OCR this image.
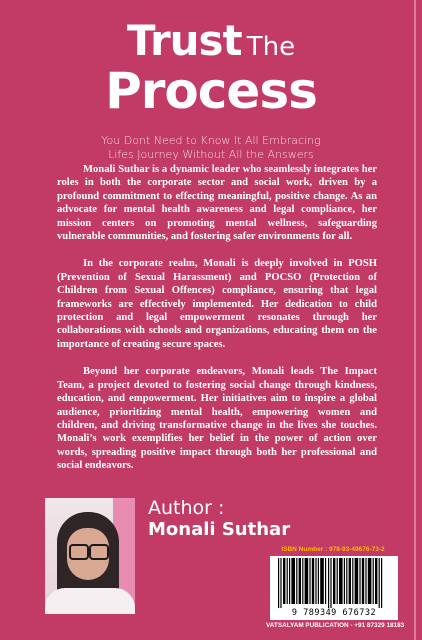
Trust The
Process
You Dont Need to Know It All Embracing
Lifes Journey Without All the Answers

Monali Suthar is a dynamic leader who seamlessly integrates her roles in both the corporate sector and social work, driven by a profound commitment to effecting meaningful, positive change. As an advocate for mental health awareness and legal compliance, her mission centers on promoting mental wellness, safeguarding vulnerable communities, and fostering safer environments for all.

In the corporate realm, Monali is deeply involved in POSH (Prevention of Sexual Harassment) and POCSO (Protection of Children from Sexual Offences) compliance, ensuring that legal frameworks are effectively implemented. Her dedication to child protection and legal empowerment resonates through her collaborations with schools and organizations, educating them on the importance of creating secure spaces.

Beyond her corporate endeavors, Monali leads The Impact Team, a project devoted to fostering social change through kindness, education, and empowerment. Her initiatives aim to inspire a global audience, prioritizing mental health, empowering women and children, and driving transformative change in the lives she touches. Monali’s work exemplifies her belief in the power of action over words, spreading positive impact through both her professional and social endeavors.

Author :
Monali Suthar
ISBN Number : 978-93-49676-73-2
9 789349 676732
VATSALYAM PUBLICATION - +91 87329 18183
